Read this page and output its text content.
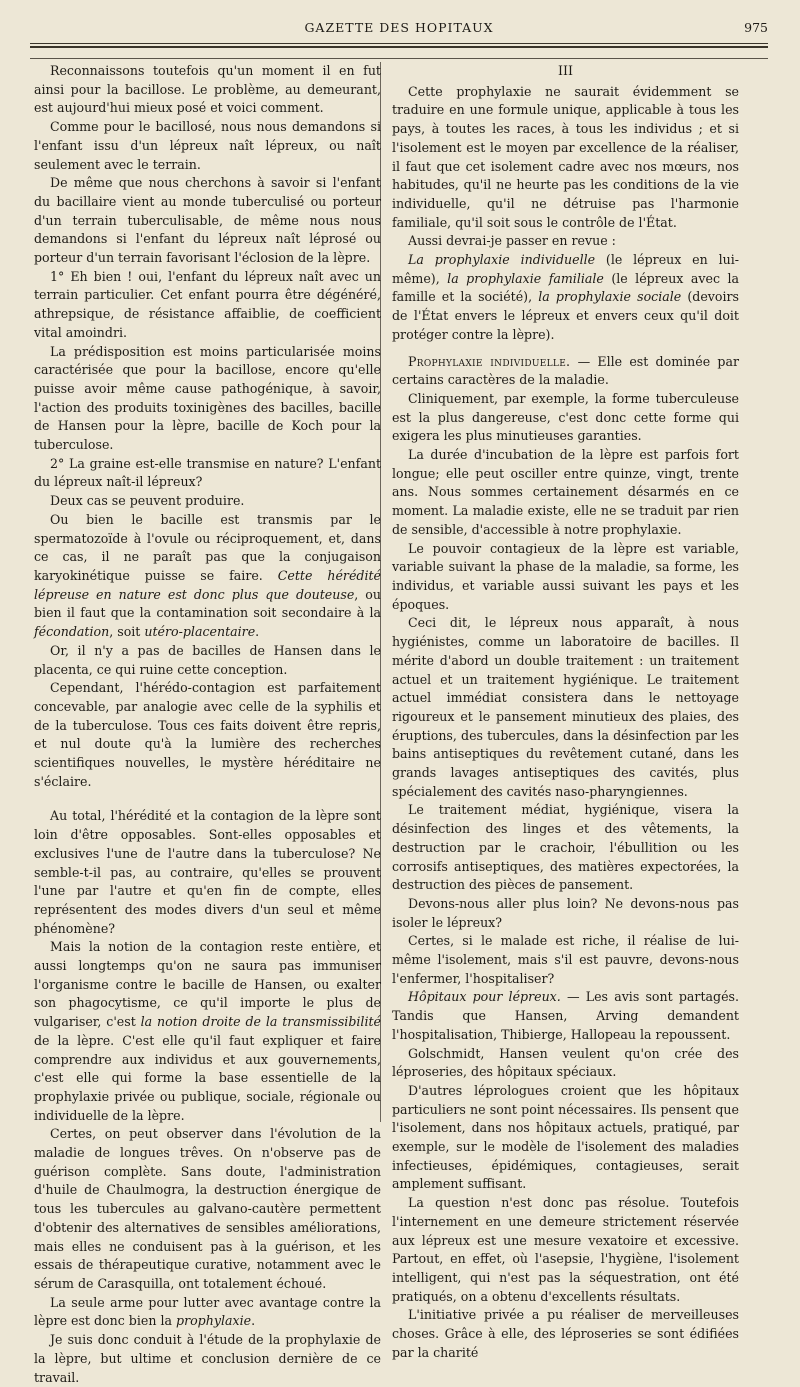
GAZETTE DES HOPITAUX	975

Reconnaissons toutefois qu'un moment il en fut ainsi pour la bacillose. Le problème, au demeurant, est aujourd'hui mieux posé et voici comment.

Comme pour le bacillosé, nous nous demandons si l'enfant issu d'un lépreux naît lépreux, ou naît seulement avec le terrain.

De même que nous cherchons à savoir si l'enfant du bacillaire vient au monde tuberculisé ou porteur d'un terrain tuberculisable, de même nous nous demandons si l'enfant du lépreux naît léprosé ou porteur d'un terrain favorisant l'éclosion de la lèpre.

1° Eh bien ! oui, l'enfant du lépreux naît avec un terrain particulier. Cet enfant pourra être dégénéré, athrepsique, de résistance affaiblie, de coefficient vital amoindri.

La prédisposition est moins particularisée moins caractérisée que pour la bacillose, encore qu'elle puisse avoir même cause pathogénique, à savoir, l'action des produits toxinigènes des bacilles, bacille de Hansen pour la lèpre, bacille de Koch pour la tuberculose.

2° La graine est-elle transmise en nature? L'enfant du lépreux naît-il lépreux?

Deux cas se peuvent produire.

Ou bien le bacille est transmis par le spermatozoïde à l'ovule ou réciproquement, et, dans ce cas, il ne paraît pas que la conjugaison karyokinétique puisse se faire. Cette hérédité lépreuse en nature est donc plus que douteuse, ou bien il faut que la contamination soit secondaire à la fécondation, soit utéro-placentaire.

Or, il n'y a pas de bacilles de Hansen dans le placenta, ce qui ruine cette conception.

Cependant, l'hérédo-contagion est parfaitement concevable, par analogie avec celle de la syphilis et de la tuberculose. Tous ces faits doivent être repris, et nul doute qu'à la lumière des recherches scientifiques nouvelles, le mystère héréditaire ne s'éclaire.

Au total, l'hérédité et la contagion de la lèpre sont loin d'être opposables. Sont-elles opposables et exclusives l'une de l'autre dans la tuberculose? Ne semble-t-il pas, au contraire, qu'elles se prouvent l'une par l'autre et qu'en fin de compte, elles représentent des modes divers d'un seul et même phénomène?

Mais la notion de la contagion reste entière, et aussi longtemps qu'on ne saura pas immuniser l'organisme contre le bacille de Hansen, ou exalter son phagocytisme, ce qu'il importe le plus de vulgariser, c'est la notion droite de la transmissibilité de la lèpre. C'est elle qu'il faut expliquer et faire comprendre aux individus et aux gouvernements, c'est elle qui forme la base essentielle de la prophylaxie privée ou publique, sociale, régionale ou individuelle de la lèpre.

Certes, on peut observer dans l'évolution de la maladie de longues trêves. On n'observe pas de guérison complète. Sans doute, l'administration d'huile de Chaulmogra, la destruction énergique de tous les tubercules au galvano-cautère permettent d'obtenir des alternatives de sensibles améliorations, mais elles ne conduisent pas à la guérison, et les essais de thérapeutique curative, notamment avec le sérum de Carasquilla, ont totalement échoué.

La seule arme pour lutter avec avantage contre la lèpre est donc bien la prophylaxie.

Je suis donc conduit à l'étude de la prophylaxie de la lèpre, but ultime et conclusion dernière de ce travail.

III

Cette prophylaxie ne saurait évidemment se traduire en une formule unique, applicable à tous les pays, à toutes les races, à tous les individus ; et si l'isolement est le moyen par excellence de la réaliser, il faut que cet isolement cadre avec nos mœurs, nos habitudes, qu'il ne heurte pas les conditions de la vie individuelle, qu'il ne détruise pas l'harmonie familiale, qu'il soit sous le contrôle de l'État.

Aussi devrai-je passer en revue :

La prophylaxie individuelle (le lépreux en lui-même), la prophylaxie familiale (le lépreux avec la famille et la société), la prophylaxie sociale (devoirs de l'État envers le lépreux et envers ceux qu'il doit protéger contre la lèpre).

Prophylaxie individuelle. — Elle est dominée par certains caractères de la maladie.

Cliniquement, par exemple, la forme tuberculeuse est la plus dangereuse, c'est donc cette forme qui exigera les plus minutieuses garanties.

La durée d'incubation de la lèpre est parfois fort longue; elle peut osciller entre quinze, vingt, trente ans. Nous sommes certainement désarmés en ce moment. La maladie existe, elle ne se traduit par rien de sensible, d'accessible à notre prophylaxie.

Le pouvoir contagieux de la lèpre est variable, variable suivant la phase de la maladie, sa forme, les individus, et variable aussi suivant les pays et les époques.

Ceci dit, le lépreux nous apparaît, à nous hygiénistes, comme un laboratoire de bacilles. Il mérite d'abord un double traitement : un traitement actuel et un traitement hygiénique. Le traitement actuel immédiat consistera dans le nettoyage rigoureux et le pansement minutieux des plaies, des éruptions, des tubercules, dans la désinfection par les bains antiseptiques du revêtement cutané, dans les grands lavages antiseptiques des cavités, plus spécialement des cavités naso-pharyngiennes.

Le traitement médiat, hygiénique, visera la désinfection des linges et des vêtements, la destruction par le crachoir, l'ébullition ou les corrosifs antiseptiques, des matières expectorées, la destruction des pièces de pansement.

Devons-nous aller plus loin? Ne devons-nous pas isoler le lépreux?

Certes, si le malade est riche, il réalise de lui-même l'isolement, mais s'il est pauvre, devons-nous l'enfermer, l'hospitaliser?

Hôpitaux pour lépreux. — Les avis sont partagés. Tandis que Hansen, Arving demandent l'hospitalisation, Thibierge, Hallopeau la repoussent.

Golschmidt, Hansen veulent qu'on crée des léproseries, des hôpitaux spéciaux.

D'autres léprologues croient que les hôpitaux particuliers ne sont point nécessaires. Ils pensent que l'isolement, dans nos hôpitaux actuels, pratiqué, par exemple, sur le modèle de l'isolement des maladies infectieuses, épidémiques, contagieuses, serait amplement suffisant.

La question n'est donc pas résolue. Toutefois l'internement en une demeure strictement réservée aux lépreux est une mesure vexatoire et excessive. Partout, en effet, où l'asepsie, l'hygiène, l'isolement intelligent, qui n'est pas la séquestration, ont été pratiqués, on a obtenu d'excellents résultats.

L'initiative privée a pu réaliser de merveilleuses choses. Grâce à elle, des léproseries se sont édifiées par la charité
